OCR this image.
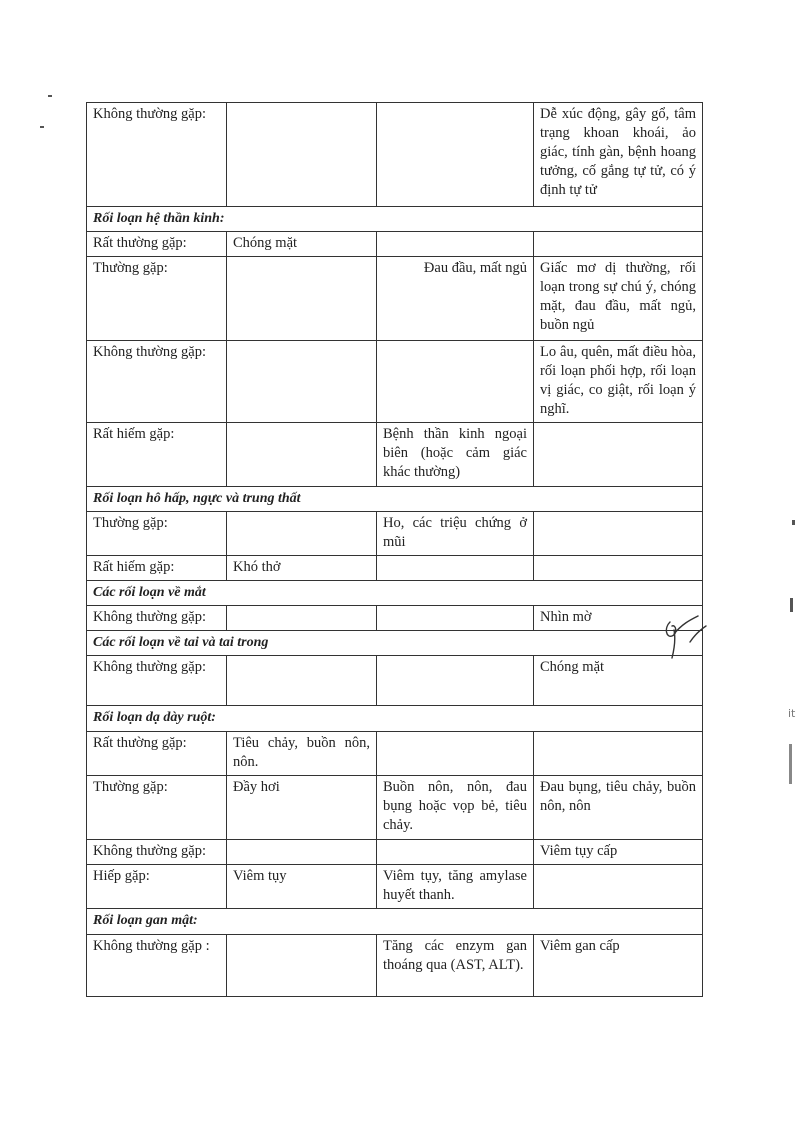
it
Không thường gặp:			Dễ xúc động, gây gổ, tâm trạng khoan khoái, ảo giác, tính gàn, bệnh hoang tưởng, cố gắng tự tử, có ý định tự tử
Rối loạn hệ thần kinh:			
Rất thường gặp:	Chóng mặt		
Thường gặp:		Đau đầu, mất ngủ	Giấc mơ dị thường, rối loạn trong sự chú ý, chóng mặt, đau đầu, mất ngủ, buồn ngủ
Không thường gặp:			Lo âu, quên, mất điều hòa, rối loạn phối hợp, rối loạn vị giác, co giật, rối loạn ý nghĩ.
Rất hiếm gặp:		Bệnh thần kinh ngoại biên (hoặc cảm giác khác thường)	
Rối loạn hô hấp, ngực và trung thất			
Thường gặp:		Ho, các triệu chứng ở mũi	
Rất hiếm gặp:	Khó thở		
Các rối loạn về mắt			
Không thường gặp:			Nhìn mờ
Các rối loạn về tai và tai trong			
Không thường gặp:			Chóng mặt
Rối loạn dạ dày ruột:			
Rất thường gặp:	Tiêu chảy, buồn nôn, nôn.		
Thường gặp:	Đầy hơi	Buồn nôn, nôn, đau bụng hoặc vọp bẻ, tiêu chảy.	Đau bụng, tiêu chảy, buồn nôn, nôn
Không thường gặp:			Viêm tụy cấp
Hiếp gặp:	Viêm tụy	Viêm tụy, tăng amylase huyết thanh.	
Rối loạn gan mật:			
Không thường gặp :		Tăng các enzym gan thoáng qua (AST, ALT).	Viêm gan cấp
